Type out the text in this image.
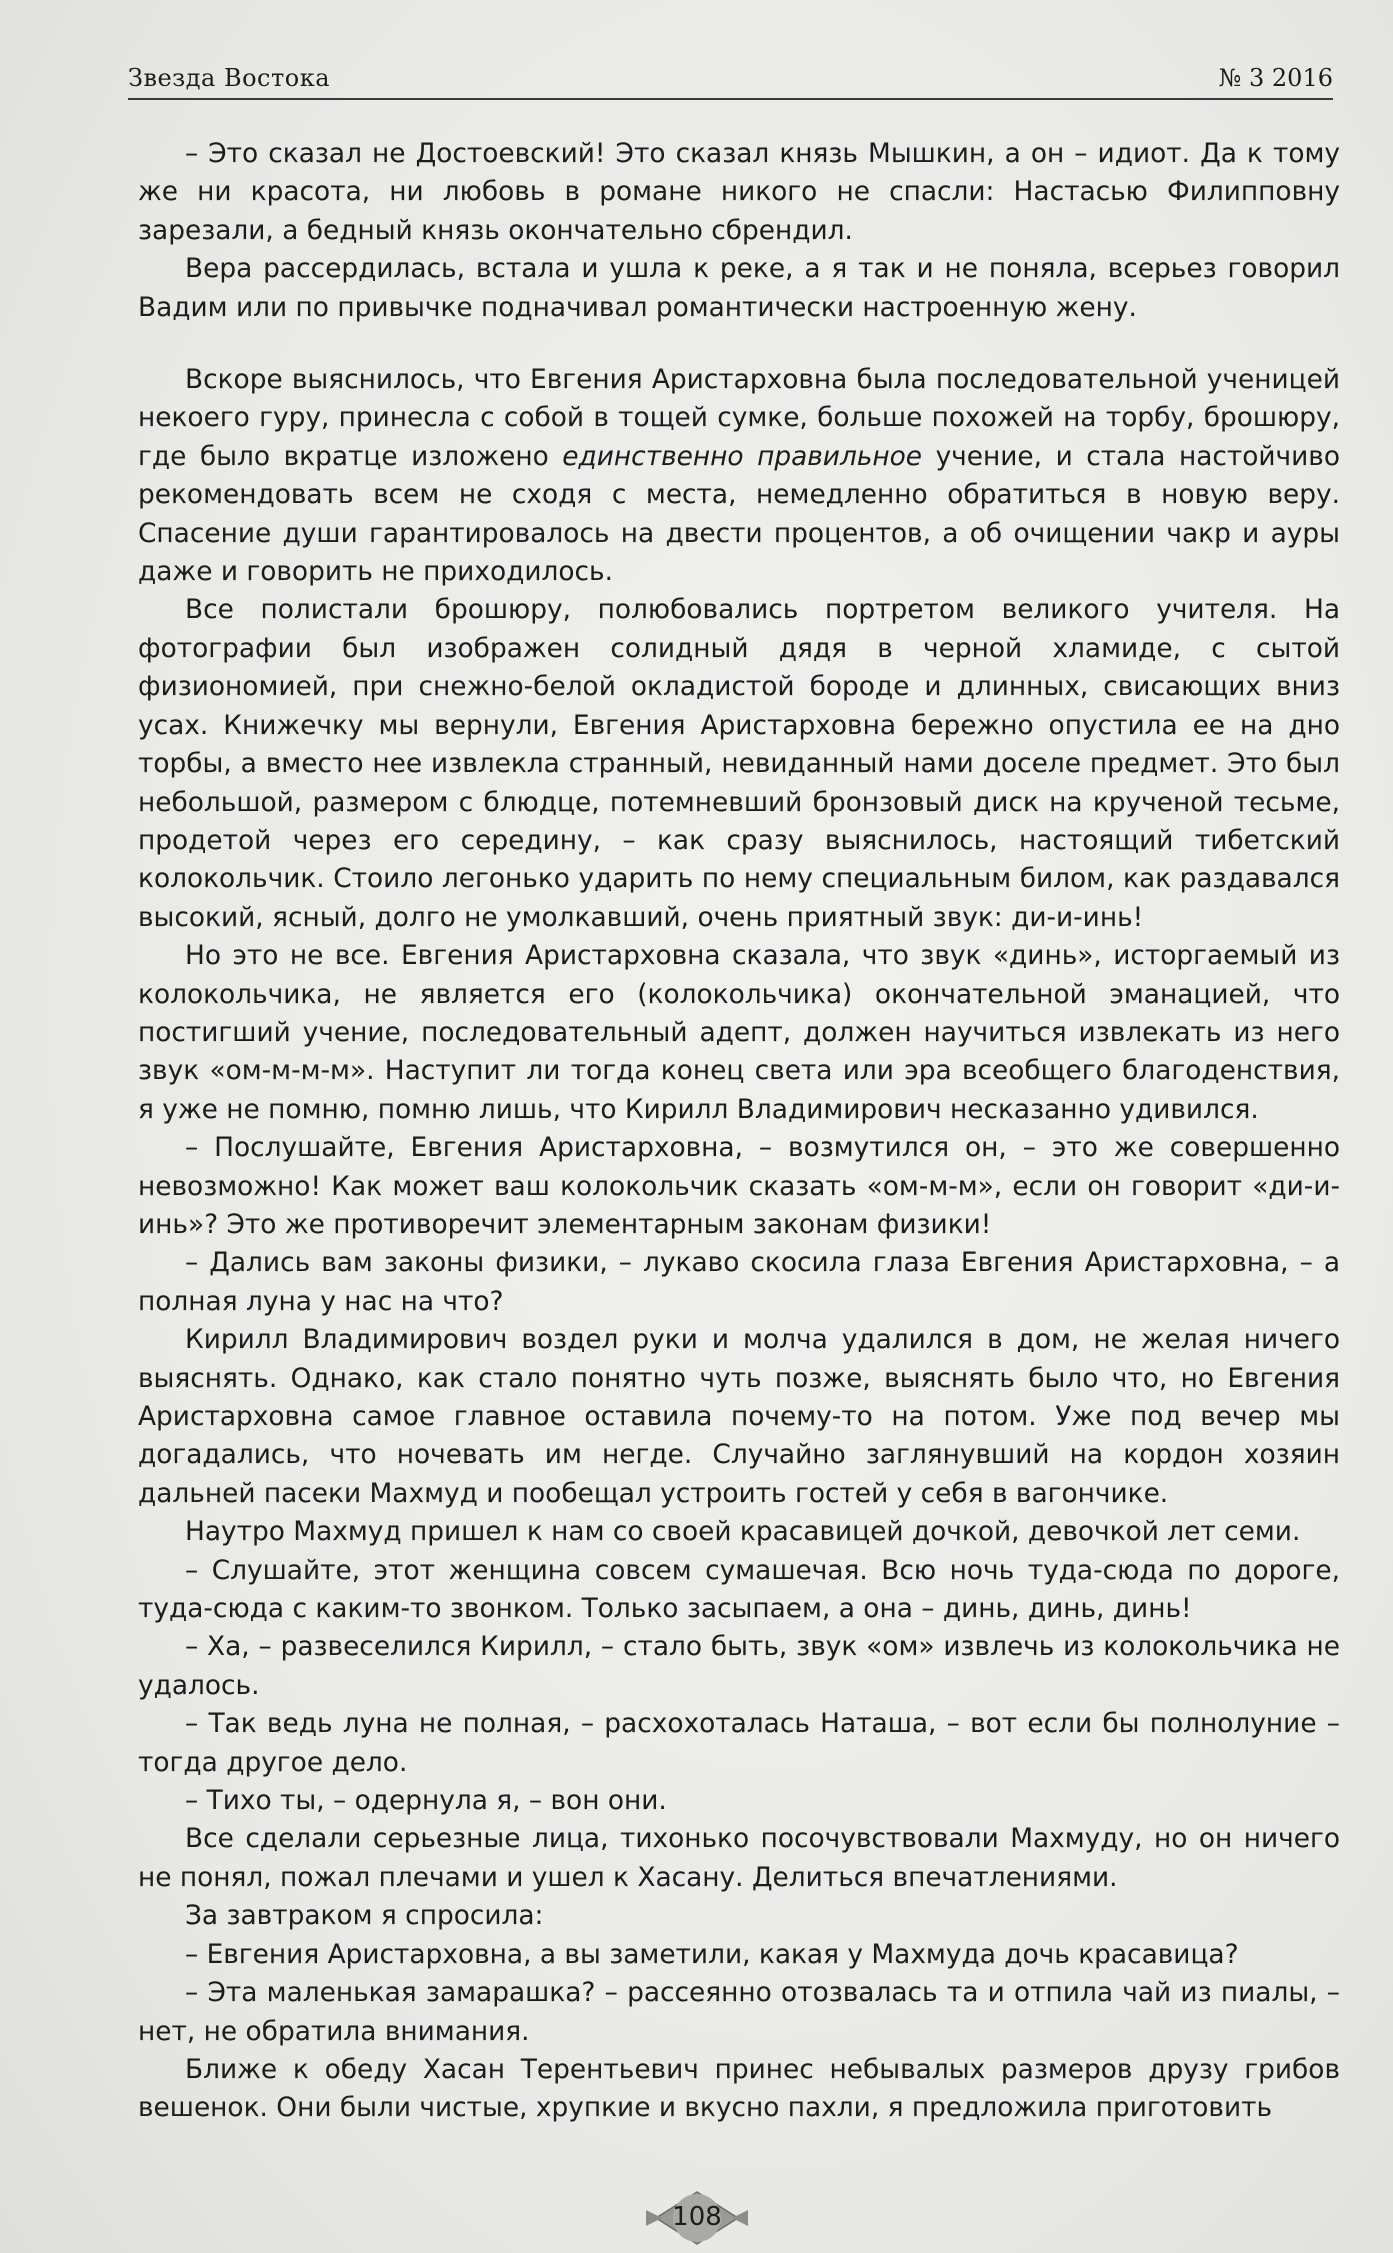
Звезда Востока	№ 3 2016

– Это сказал не Достоевский! Это сказал князь Мышкин, а он – идиот. Да к тому же ни красота, ни любовь в романе никого не спасли: Настасью Филипповну зарезали, а бедный князь окончательно сбрендил.

Вера рассердилась, встала и ушла к реке, а я так и не поняла, всерьез говорил Вадим или по привычке подначивал романтически настроенную жену.

Вскоре выяснилось, что Евгения Аристарховна была последовательной ученицей некоего гуру, принесла с собой в тощей сумке, больше похожей на торбу, брошюру, где было вкратце изложено единственно правильное учение, и стала настойчиво рекомендовать всем не сходя с места, немедленно обратиться в новую веру. Спасение души гарантировалось на двести процентов, а об очищении чакр и ауры даже и говорить не приходилось.

Все полистали брошюру, полюбовались портретом великого учителя. На фотографии был изображен солидный дядя в черной хламиде, с сытой физиономией, при снежно-белой окладистой бороде и длинных, свисающих вниз усах. Книжечку мы вернули, Евгения Аристарховна бережно опустила ее на дно торбы, а вместо нее извлекла странный, невиданный нами доселе предмет. Это был небольшой, размером с блюдце, потемневший бронзовый диск на крученой тесьме, продетой через его середину, – как сразу выяснилось, настоящий тибетский колокольчик. Стоило легонько ударить по нему специальным билом, как раздавался высокий, ясный, долго не умолкавший, очень приятный звук: ди-и-инь!

Но это не все. Евгения Аристарховна сказала, что звук «динь», исторгаемый из колокольчика, не является его (колокольчика) окончательной эманацией, что постигший учение, последовательный адепт, должен научиться извлекать из него звук «ом-м-м-м». Наступит ли тогда конец света или эра всеобщего благоденствия, я уже не помню, помню лишь, что Кирилл Владимирович несказанно удивился.

– Послушайте, Евгения Аристарховна, – возмутился он, – это же совершенно невозможно! Как может ваш колокольчик сказать «ом-м-м», если он говорит «ди-и-инь»? Это же противоречит элементарным законам физики!

– Дались вам законы физики, – лукаво скосила глаза Евгения Аристарховна, – а полная луна у нас на что?

Кирилл Владимирович воздел руки и молча удалился в дом, не желая ничего выяснять. Однако, как стало понятно чуть позже, выяснять было что, но Евгения Аристарховна самое главное оставила почему-то на потом. Уже под вечер мы догадались, что ночевать им негде. Случайно заглянувший на кордон хозяин дальней пасеки Махмуд и пообещал устроить гостей у себя в вагончике.

Наутро Махмуд пришел к нам со своей красавицей дочкой, девочкой лет семи.

– Слушайте, этот женщина совсем сумашечая. Всю ночь туда-сюда по дороге, туда-сюда с каким-то звонком. Только засыпаем, а она – динь, динь, динь!

– Ха, – развеселился Кирилл, – стало быть, звук «ом» извлечь из колокольчика не удалось.

– Так ведь луна не полная, – расхохоталась Наташа, – вот если бы полнолуние – тогда другое дело.

– Тихо ты, – одернула я, – вон они.

Все сделали серьезные лица, тихонько посочувствовали Махмуду, но он ничего не понял, пожал плечами и ушел к Хасану. Делиться впечатлениями.

За завтраком я спросила:

– Евгения Аристарховна, а вы заметили, какая у Махмуда дочь красавица?

– Эта маленькая замарашка? – рассеянно отозвалась та и отпила чай из пиалы, – нет, не обратила внимания.

Ближе к обеду Хасан Терентьевич принес небывалых размеров друзу грибов вешенок. Они были чистые, хрупкие и вкусно пахли, я предложила приготовить

108
